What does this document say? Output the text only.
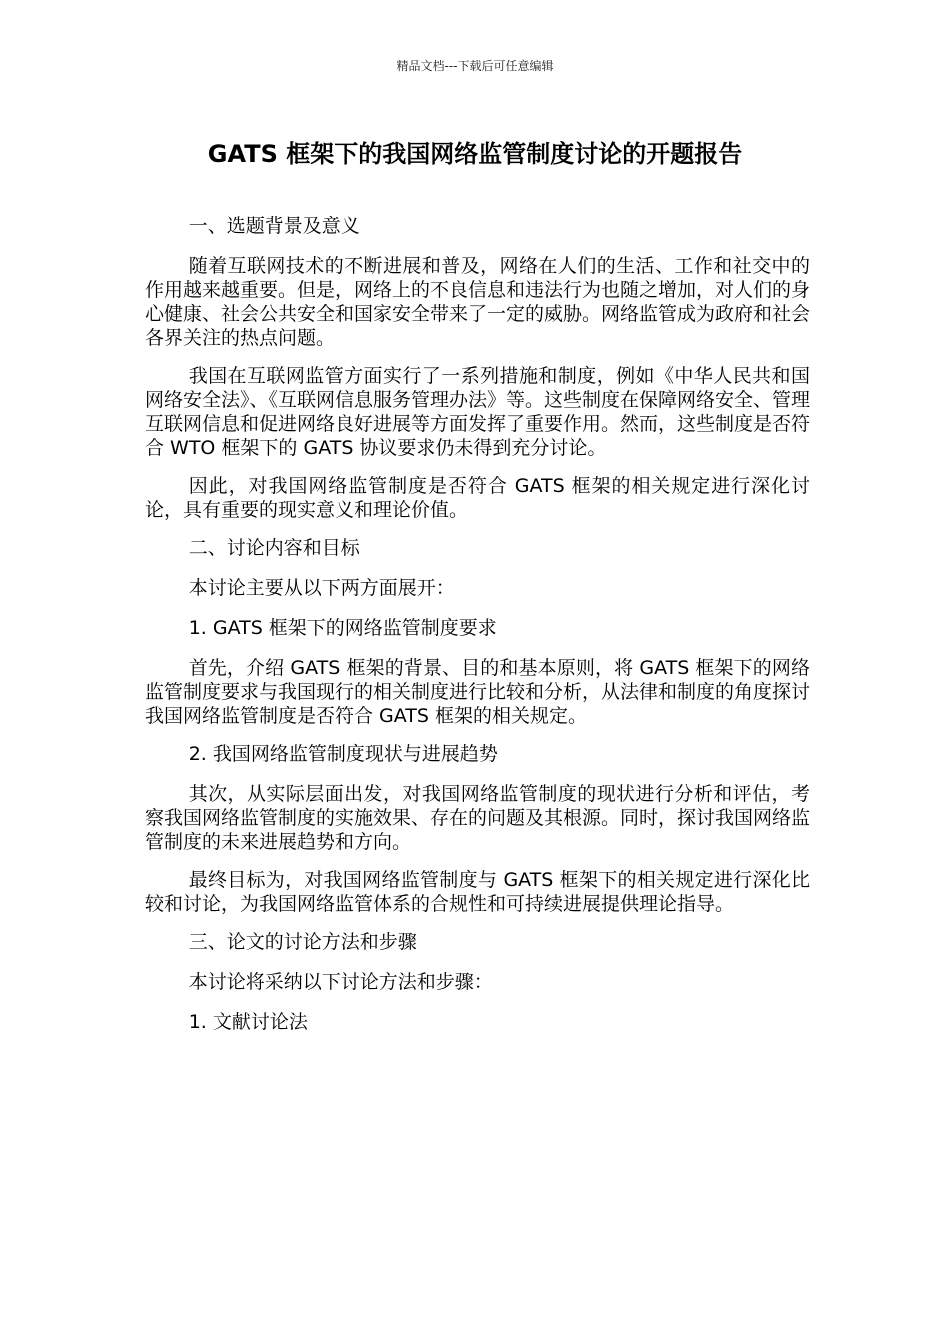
精品文档---下载后可任意编辑
GATS 框架下的我国网络监管制度讨论的开题报告

一、选题背景及意义

随着互联网技术的不断进展和普及，网络在人们的生活、工作和社交中的作用越来越重要。但是，网络上的不良信息和违法行为也随之增加，对人们的身心健康、社会公共安全和国家安全带来了一定的威胁。网络监管成为政府和社会各界关注的热点问题。

我国在互联网监管方面实行了一系列措施和制度，例如《中华人民共和国网络安全法》、《互联网信息服务管理办法》等。这些制度在保障网络安全、管理互联网信息和促进网络良好进展等方面发挥了重要作用。然而，这些制度是否符合 WTO 框架下的 GATS 协议要求仍未得到充分讨论。

因此，对我国网络监管制度是否符合 GATS 框架的相关规定进行深化讨论，具有重要的现实意义和理论价值。

二、讨论内容和目标

本讨论主要从以下两方面展开：

1. GATS 框架下的网络监管制度要求

首先，介绍 GATS 框架的背景、目的和基本原则，将 GATS 框架下的网络监管制度要求与我国现行的相关制度进行比较和分析，从法律和制度的角度探讨我国网络监管制度是否符合 GATS 框架的相关规定。

2. 我国网络监管制度现状与进展趋势

其次，从实际层面出发，对我国网络监管制度的现状进行分析和评估，考察我国网络监管制度的实施效果、存在的问题及其根源。同时，探讨我国网络监管制度的未来进展趋势和方向。

最终目标为，对我国网络监管制度与 GATS 框架下的相关规定进行深化比较和讨论，为我国网络监管体系的合规性和可持续进展提供理论指导。

三、论文的讨论方法和步骤

本讨论将采纳以下讨论方法和步骤：

1. 文献讨论法
